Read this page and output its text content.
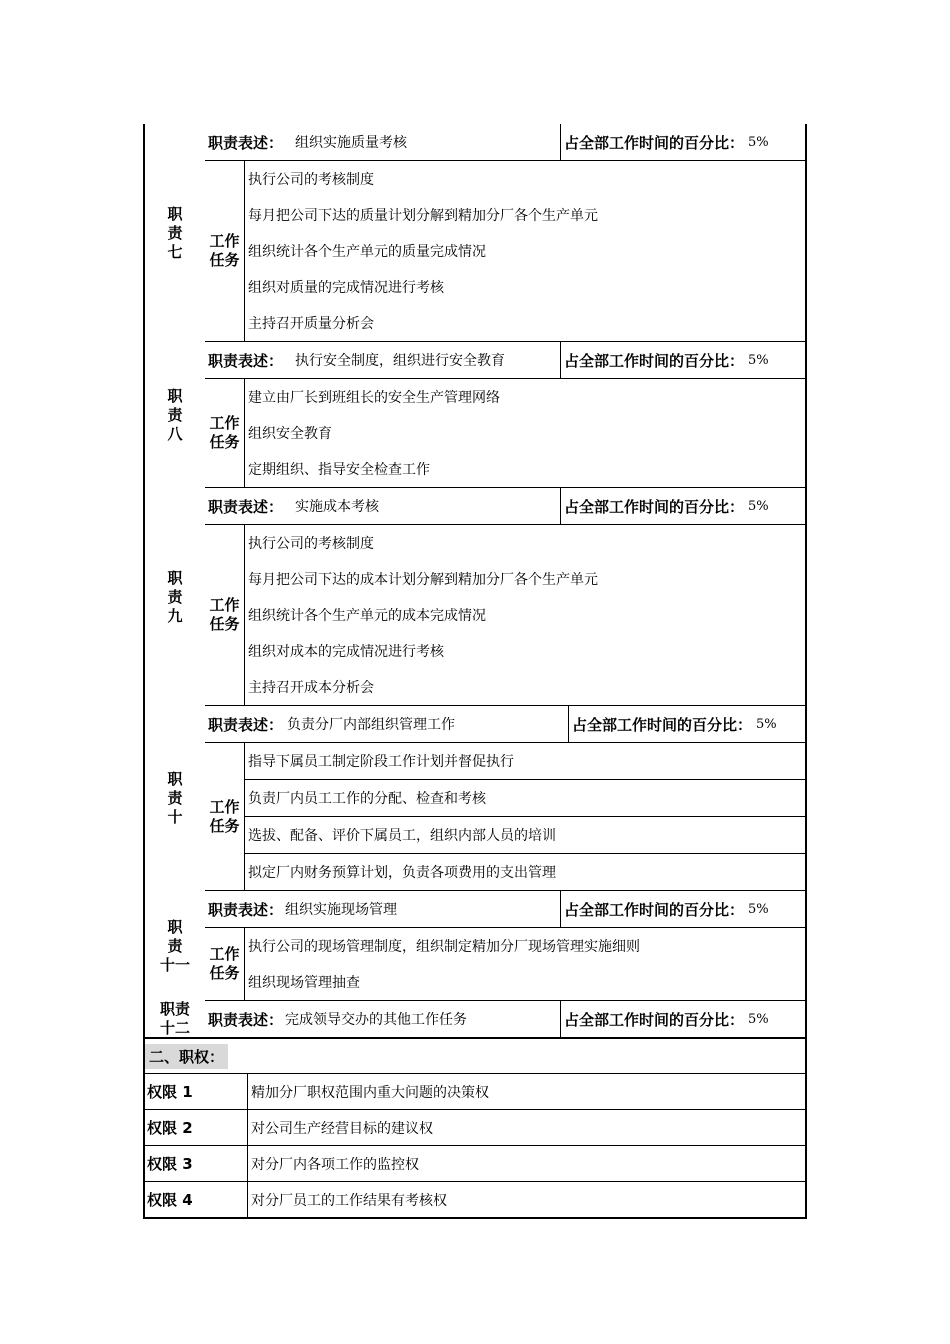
职
责
七
职责表述： 组织实施质量考核	占全部工作时间的百分比： 5%
工作
任务
执行公司的考核制度
每月把公司下达的质量计划分解到精加分厂各个生产单元
组织统计各个生产单元的质量完成情况
组织对质量的完成情况进行考核
主持召开质量分析会
职
责
八
职责表述： 执行安全制度，组织进行安全教育	占全部工作时间的百分比： 5%
工作
任务
建立由厂长到班组长的安全生产管理网络
组织安全教育
定期组织、指导安全检查工作
职
责
九
职责表述： 实施成本考核	占全部工作时间的百分比： 5%
工作
任务
执行公司的考核制度
每月把公司下达的成本计划分解到精加分厂各个生产单元
组织统计各个生产单元的成本完成情况
组织对成本的完成情况进行考核
主持召开成本分析会
职
责
十
职责表述： 负责分厂内部组织管理工作	占全部工作时间的百分比： 5%
工作
任务
指导下属员工制定阶段工作计划并督促执行
负责厂内员工工作的分配、检查和考核
选拔、配备、评价下属员工，组织内部人员的培训
拟定厂内财务预算计划，负责各项费用的支出管理
职
责
十一
职责表述： 组织实施现场管理	占全部工作时间的百分比： 5%
工作
任务
执行公司的现场管理制度，组织制定精加分厂现场管理实施细则
组织现场管理抽查
职责
十二 职责表述： 完成领导交办的其他工作任务	占全部工作时间的百分比： 5%
二、职权：
权限 1	精加分厂职权范围内重大问题的决策权
权限 2	对公司生产经营目标的建议权
权限 3	对分厂内各项工作的监控权
权限 4	对分厂员工的工作结果有考核权
